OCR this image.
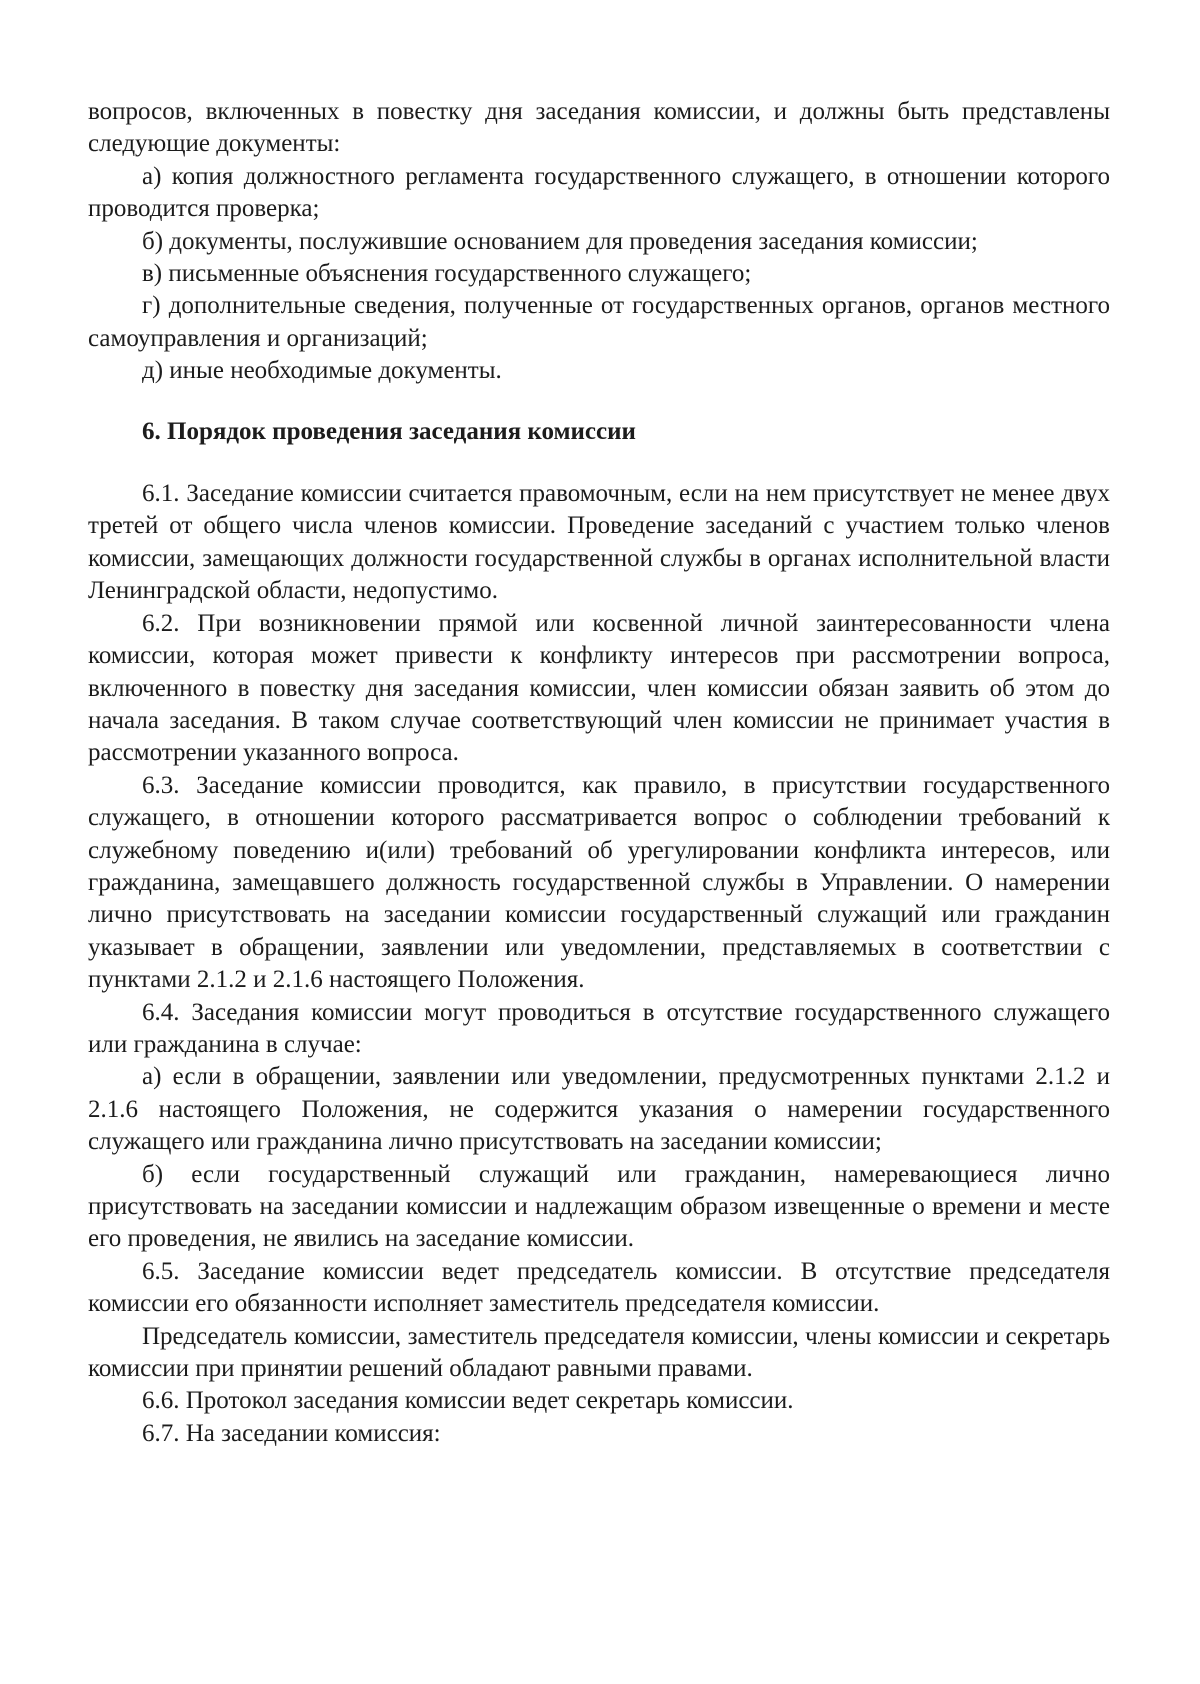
вопросов, включенных в повестку дня заседания комиссии, и должны быть представлены следующие документы:

а) копия должностного регламента государственного служащего, в отношении которого проводится проверка;

б) документы, послужившие основанием для проведения заседания комиссии;

в) письменные объяснения государственного служащего;

г) дополнительные сведения, полученные от государственных органов, органов местного самоуправления и организаций;

д) иные необходимые документы.

6. Порядок проведения заседания комиссии

6.1. Заседание комиссии считается правомочным, если на нем присутствует не менее двух третей от общего числа членов комиссии. Проведение заседаний с участием только членов комиссии, замещающих должности государственной службы в органах исполнительной власти Ленинградской области, недопустимо.

6.2. При возникновении прямой или косвенной личной заинтересованности члена комиссии, которая может привести к конфликту интересов при рассмотрении вопроса, включенного в повестку дня заседания комиссии, член комиссии обязан заявить об этом до начала заседания. В таком случае соответствующий член комиссии не принимает участия в рассмотрении указанного вопроса.

6.3. Заседание комиссии проводится, как правило, в присутствии государственного служащего, в отношении которого рассматривается вопрос о соблюдении требований к служебному поведению и(или) требований об урегулировании конфликта интересов, или гражданина, замещавшего должность государственной службы в Управлении. О намерении лично присутствовать на заседании комиссии государственный служащий или гражданин указывает в обращении, заявлении или уведомлении, представляемых в соответствии с пунктами 2.1.2 и 2.1.6 настоящего Положения.

6.4. Заседания комиссии могут проводиться в отсутствие государственного служащего или гражданина в случае:

а) если в обращении, заявлении или уведомлении, предусмотренных пунктами 2.1.2 и 2.1.6 настоящего Положения, не содержится указания о намерении государственного служащего или гражданина лично присутствовать на заседании комиссии;

б) если государственный служащий или гражданин, намеревающиеся лично присутствовать на заседании комиссии и надлежащим образом извещенные о времени и месте его проведения, не явились на заседание комиссии.

6.5. Заседание комиссии ведет председатель комиссии. В отсутствие председателя комиссии его обязанности исполняет заместитель председателя комиссии.

Председатель комиссии, заместитель председателя комиссии, члены комиссии и секретарь комиссии при принятии решений обладают равными правами.

6.6. Протокол заседания комиссии ведет секретарь комиссии.

6.7. На заседании комиссия:
